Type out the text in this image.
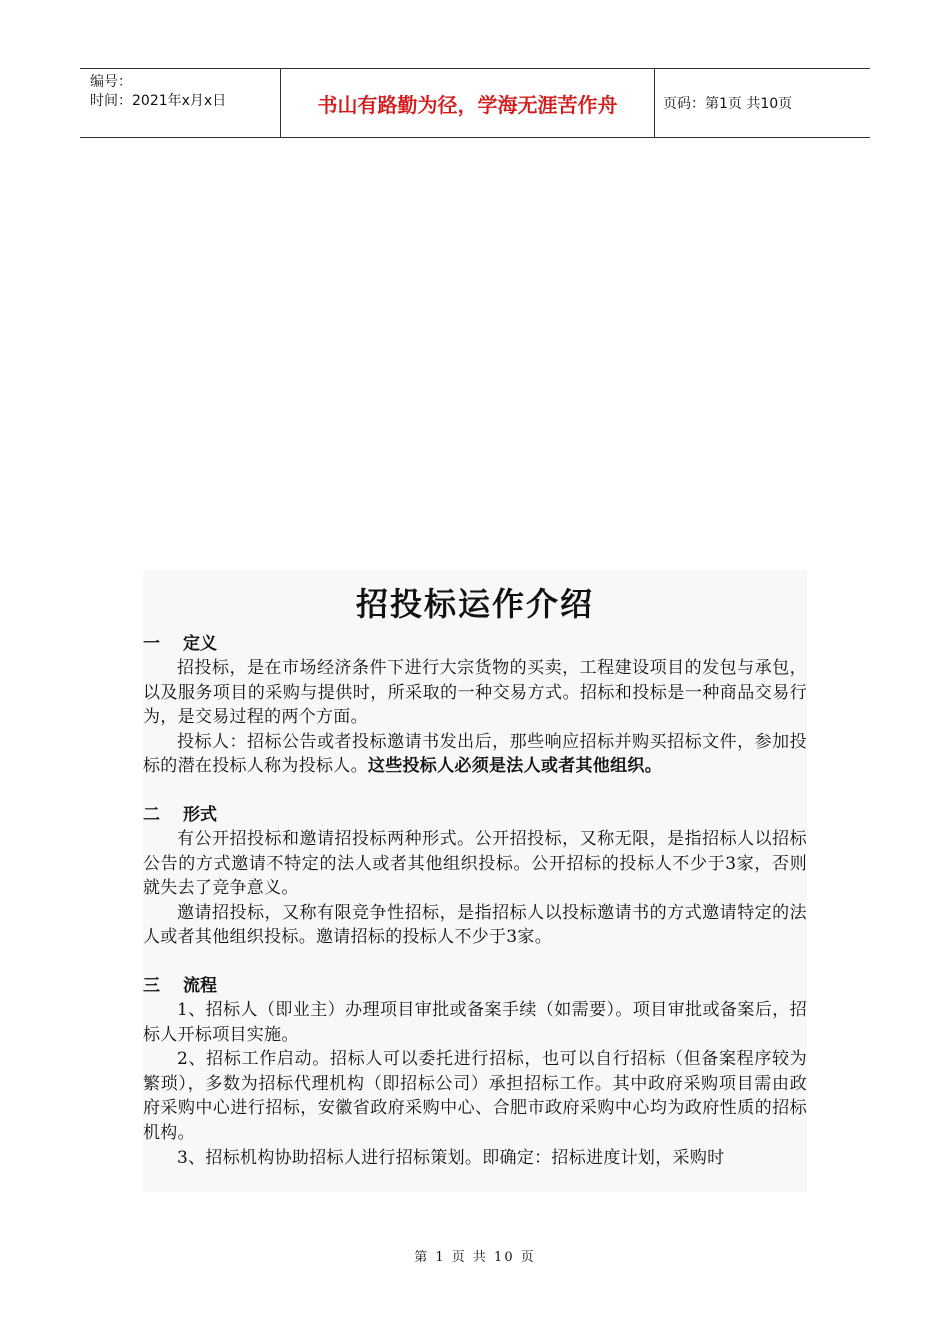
编号：
时间：2021年x月x日	书山有路勤为径，学海无涯苦作舟	页码：第1页 共10页
招投标运作介绍

一 定义

招投标，是在市场经济条件下进行大宗货物的买卖，工程建设项目的发包与承包，以及服务项目的采购与提供时，所采取的一种交易方式。招标和投标是一种商品交易行为，是交易过程的两个方面。

投标人：招标公告或者投标邀请书发出后，那些响应招标并购买招标文件，参加投标的潜在投标人称为投标人。这些投标人必须是法人或者其他组织。

二 形式

有公开招投标和邀请招投标两种形式。公开招投标，又称无限，是指招标人以招标公告的方式邀请不特定的法人或者其他组织投标。公开招标的投标人不少于3家，否则就失去了竞争意义。

邀请招投标，又称有限竞争性招标，是指招标人以投标邀请书的方式邀请特定的法人或者其他组织投标。邀请招标的投标人不少于3家。

三 流程

1、招标人（即业主）办理项目审批或备案手续（如需要）。项目审批或备案后，招标人开标项目实施。

2、招标工作启动。招标人可以委托进行招标，也可以自行招标（但备案程序较为繁琐），多数为招标代理机构（即招标公司）承担招标工作。其中政府采购项目需由政府采购中心进行招标，安徽省政府采购中心、合肥市政府采购中心均为政府性质的招标机构。

3、招标机构协助招标人进行招标策划。即确定：招标进度计划，采购时

第 1 页 共 10 页
